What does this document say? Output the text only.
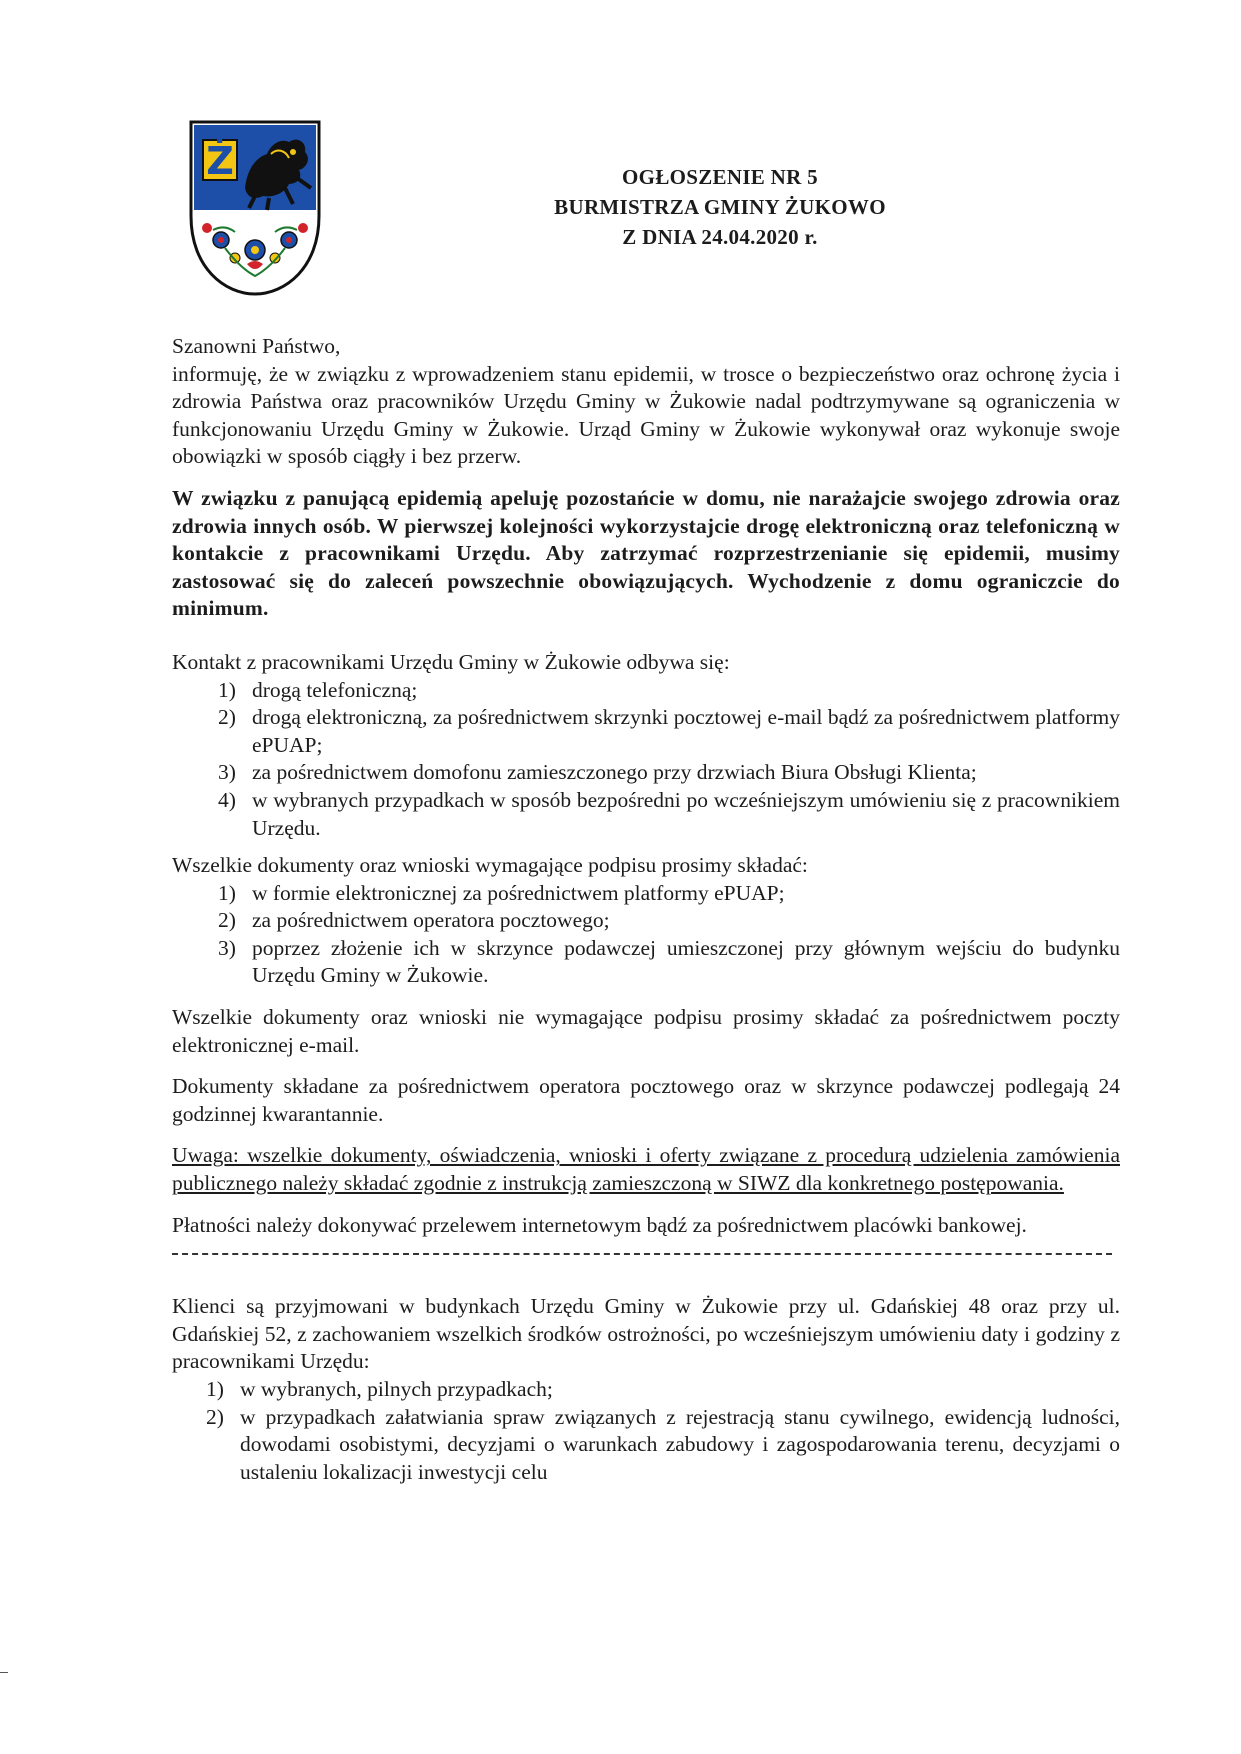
Ż	OGŁOSZENIE NR 5
BURMISTRZA GMINY ŻUKOWO
Z DNIA 24.04.2020 r.

Szanowni Państwo,

informuję, że w związku z wprowadzeniem stanu epidemii, w trosce o bezpieczeństwo oraz ochronę życia i zdrowia Państwa oraz pracowników Urzędu Gminy w Żukowie nadal podtrzymywane są ograniczenia w funkcjonowaniu Urzędu Gminy w Żukowie. Urząd Gminy w Żukowie wykonywał oraz wykonuje swoje obowiązki w sposób ciągły i bez przerw.

W związku z panującą epidemią apeluję pozostańcie w domu, nie narażajcie swojego zdrowia oraz zdrowia innych osób. W pierwszej kolejności wykorzystajcie drogę elektroniczną oraz telefoniczną w kontakcie z pracownikami Urzędu. Aby zatrzymać rozprzestrzenianie się epidemii, musimy zastosować się do zaleceń powszechnie obowiązujących. Wychodzenie z domu ograniczcie do minimum.

Kontakt z pracownikami Urzędu Gminy w Żukowie odbywa się:

1) drogą telefoniczną;
2) drogą elektroniczną, za pośrednictwem skrzynki pocztowej e-mail bądź za pośrednictwem platformy ePUAP;
3) za pośrednictwem domofonu zamieszczonego przy drzwiach Biura Obsługi Klienta;
4) w wybranych przypadkach w sposób bezpośredni po wcześniejszym umówieniu się z pracownikiem Urzędu.

Wszelkie dokumenty oraz wnioski wymagające podpisu prosimy składać:

1) w formie elektronicznej za pośrednictwem platformy ePUAP;
2) za pośrednictwem operatora pocztowego;
3) poprzez złożenie ich w skrzynce podawczej umieszczonej przy głównym wejściu do budynku Urzędu Gminy w Żukowie.

Wszelkie dokumenty oraz wnioski nie wymagające podpisu prosimy składać za pośrednictwem poczty elektronicznej e-mail.

Dokumenty składane za pośrednictwem operatora pocztowego oraz w skrzynce podawczej podlegają 24 godzinnej kwarantannie.

Uwaga: wszelkie dokumenty, oświadczenia, wnioski i oferty związane z procedurą udzielenia zamówienia publicznego należy składać zgodnie z instrukcją zamieszczoną w SIWZ dla konkretnego postępowania.

Płatności należy dokonywać przelewem internetowym bądź za pośrednictwem placówki bankowej.

Klienci są przyjmowani w budynkach Urzędu Gminy w Żukowie przy ul. Gdańskiej 48 oraz przy ul. Gdańskiej 52, z zachowaniem wszelkich środków ostrożności, po wcześniejszym umówieniu daty i godziny z pracownikami Urzędu:

1) w wybranych, pilnych przypadkach;
2) w przypadkach załatwiania spraw związanych z rejestracją stanu cywilnego, ewidencją ludności, dowodami osobistymi, decyzjami o warunkach zabudowy i zagospodarowania terenu, decyzjami o ustaleniu lokalizacji inwestycji celu
